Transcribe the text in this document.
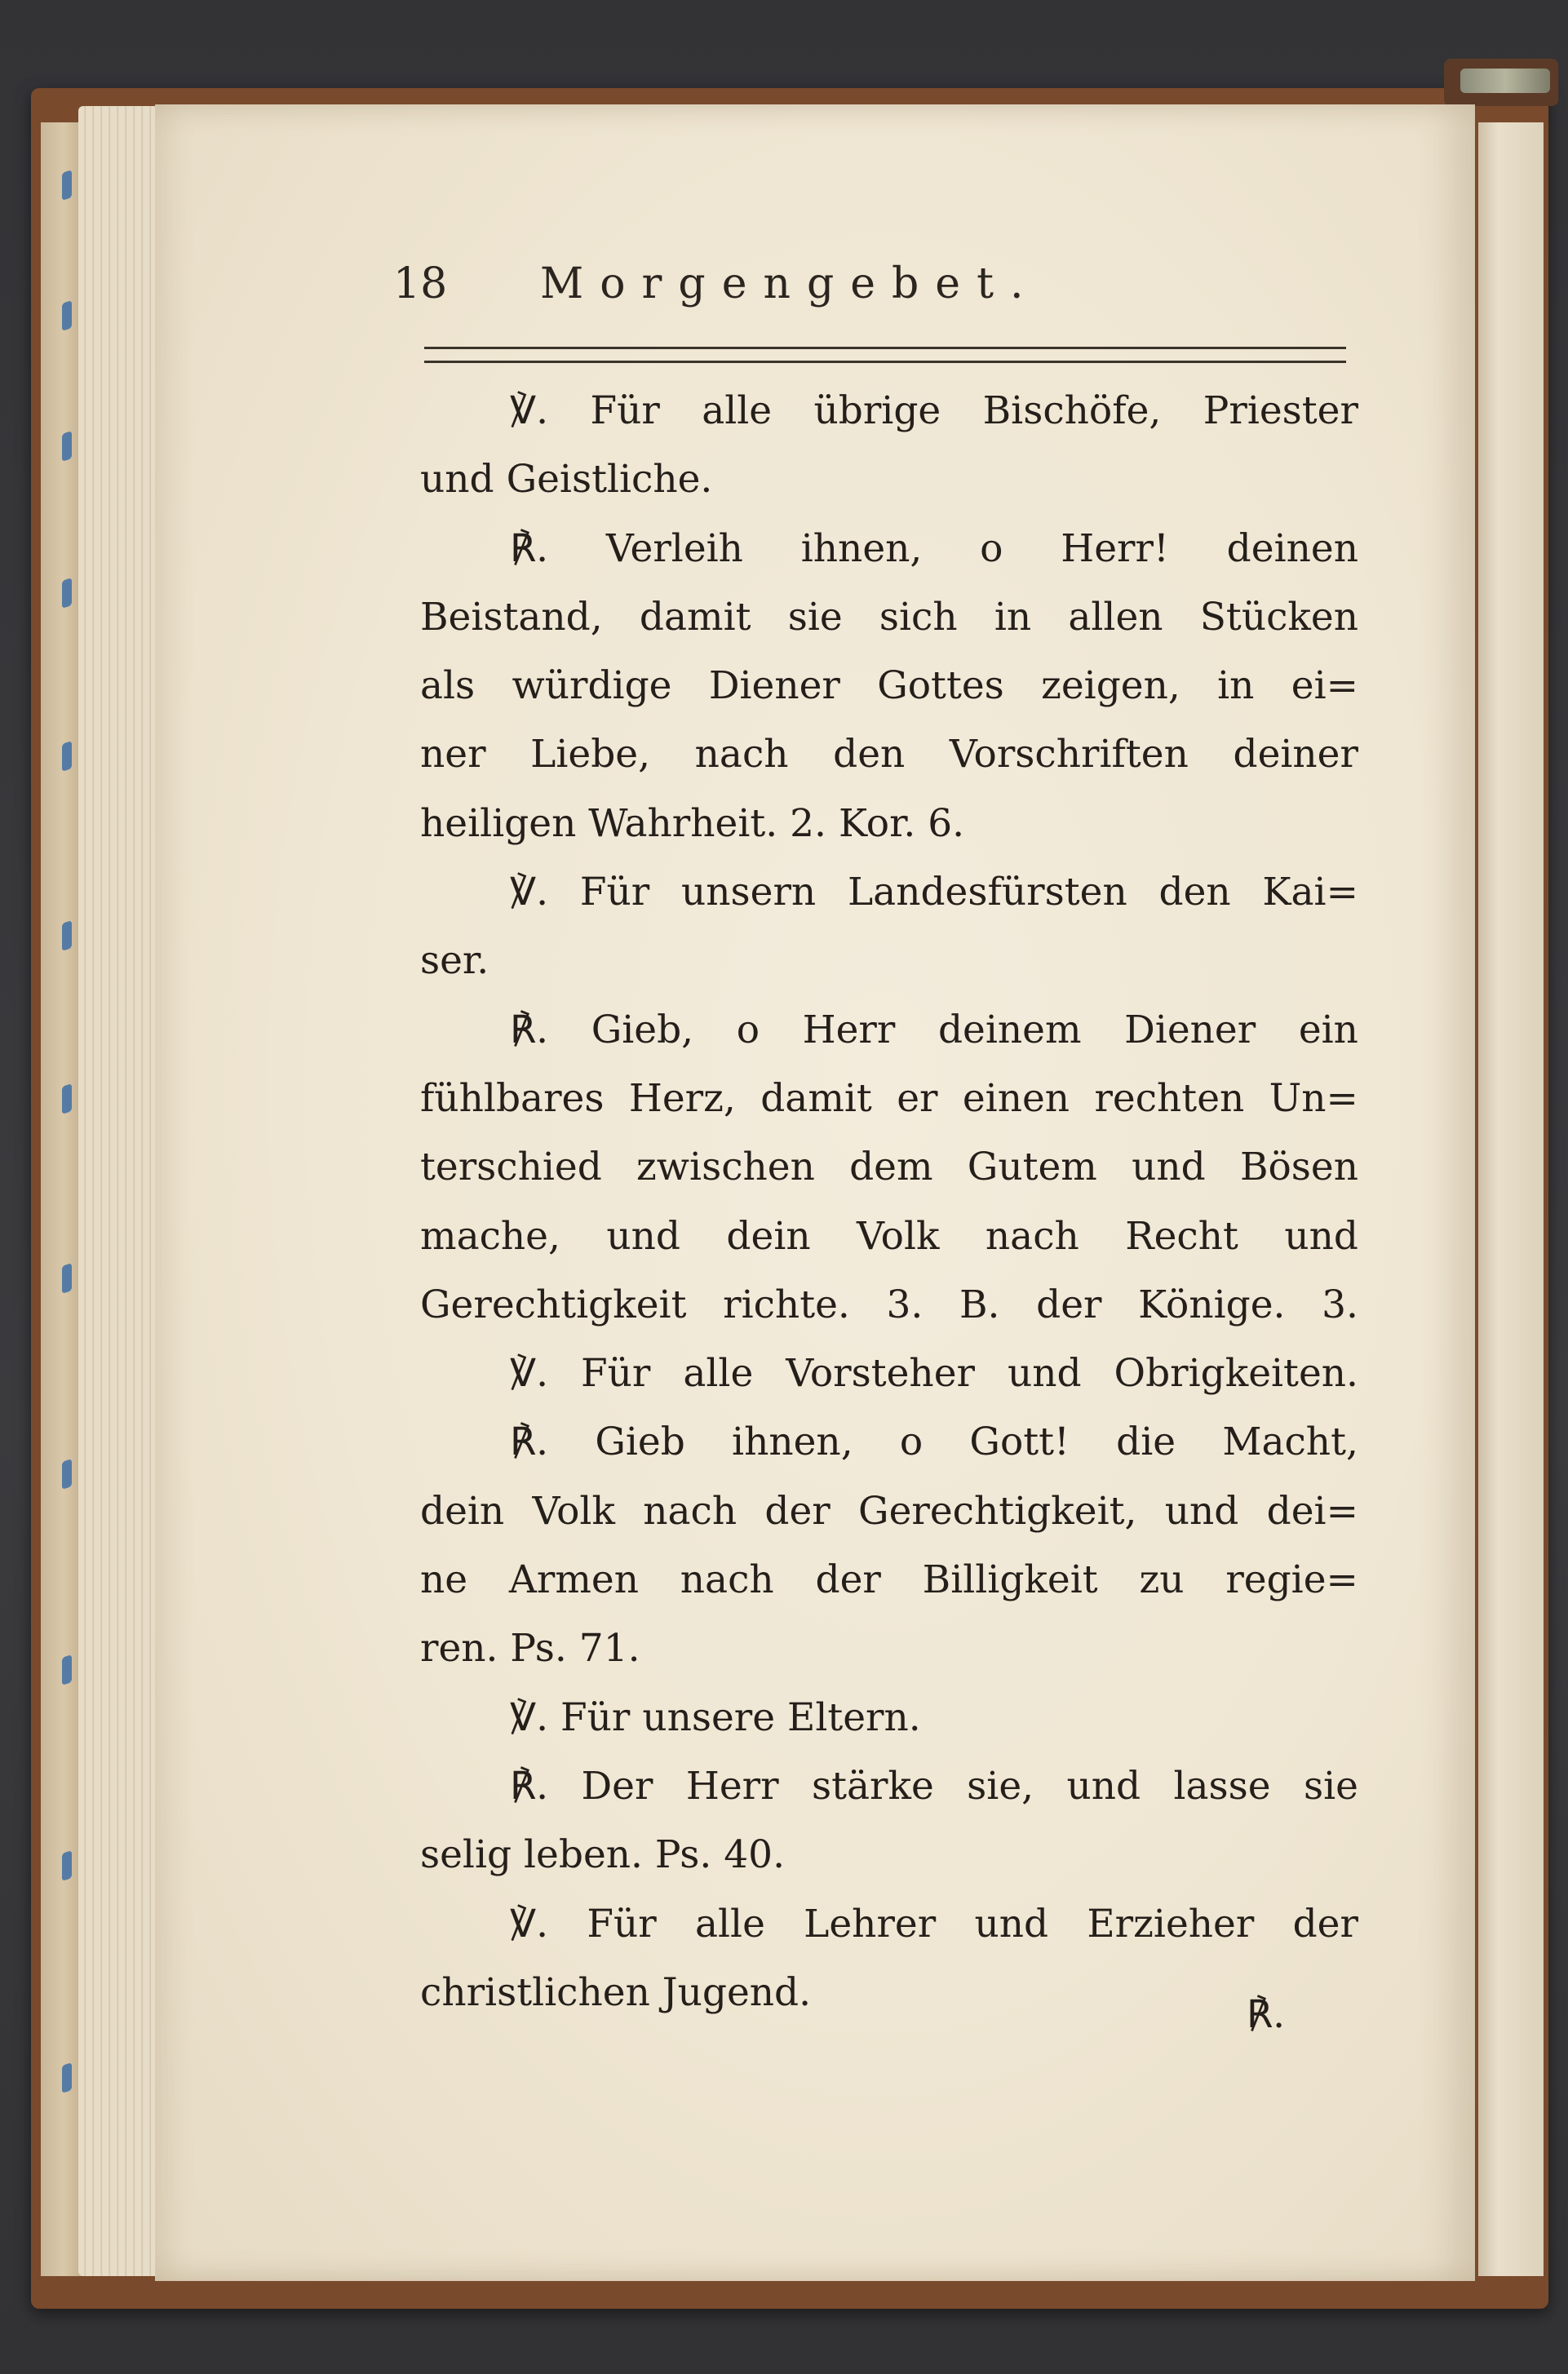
18	Morgengebet.
℣. Für alle übrige Bischöfe, Priester
und Geistliche.
℟. Verleih ihnen, o Herr! deinen
Beistand, damit sie sich in allen Stücken
als würdige Diener Gottes zeigen, in ei=
ner Liebe, nach den Vorschriften deiner
heiligen Wahrheit. 2. Kor. 6.
℣. Für unsern Landesfürsten den Kai=
ser.
℟. Gieb, o Herr deinem Diener ein
fühlbares Herz, damit er einen rechten Un=
terschied zwischen dem Gutem und Bösen
mache, und dein Volk nach Recht und
Gerechtigkeit richte. 3. B. der Könige. 3.
℣. Für alle Vorsteher und Obrigkeiten.
℟. Gieb ihnen, o Gott! die Macht,
dein Volk nach der Gerechtigkeit, und dei=
ne Armen nach der Billigkeit zu regie=
ren. Ps. 71.
℣. Für unsere Eltern.
℟. Der Herr stärke sie, und lasse sie
selig leben. Ps. 40.
℣. Für alle Lehrer und Erzieher der
christlichen Jugend.	℟.
